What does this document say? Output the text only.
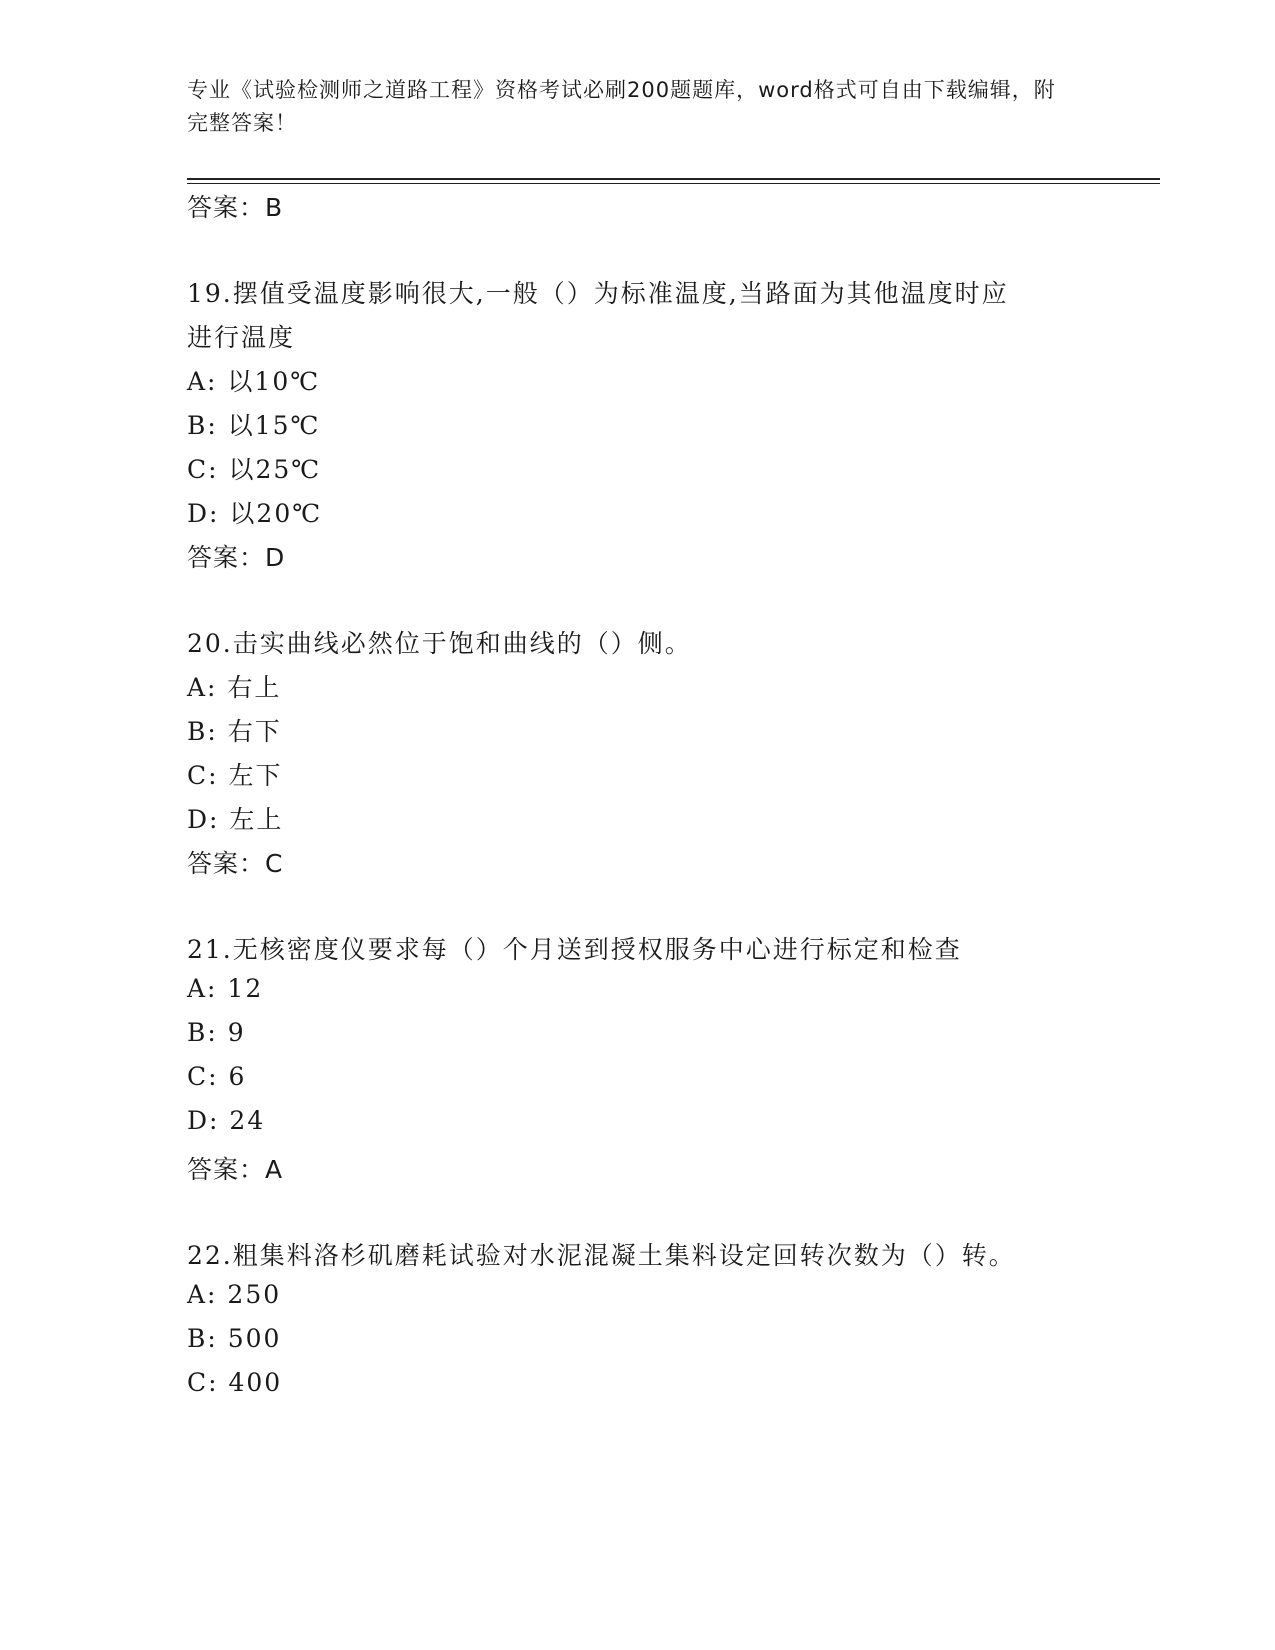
专业《试验检测师之道路工程》资格考试必刷200题题库，word格式可自由下载编辑，附完整答案！
答案：B
19.摆值受温度影响很大,一般（）为标准温度,当路面为其他温度时应
进行温度
A: 以10℃
B: 以15℃
C: 以25℃
D: 以20℃
答案：D
20.击实曲线必然位于饱和曲线的（）侧。
A: 右上
B: 右下
C: 左下
D: 左上
答案：C
21.无核密度仪要求每（）个月送到授权服务中心进行标定和检查
A: 12
B: 9
C: 6
D: 24
答案：A
22.粗集料洛杉矶磨耗试验对水泥混凝土集料设定回转次数为（）转。
A: 250
B: 500
C: 400
